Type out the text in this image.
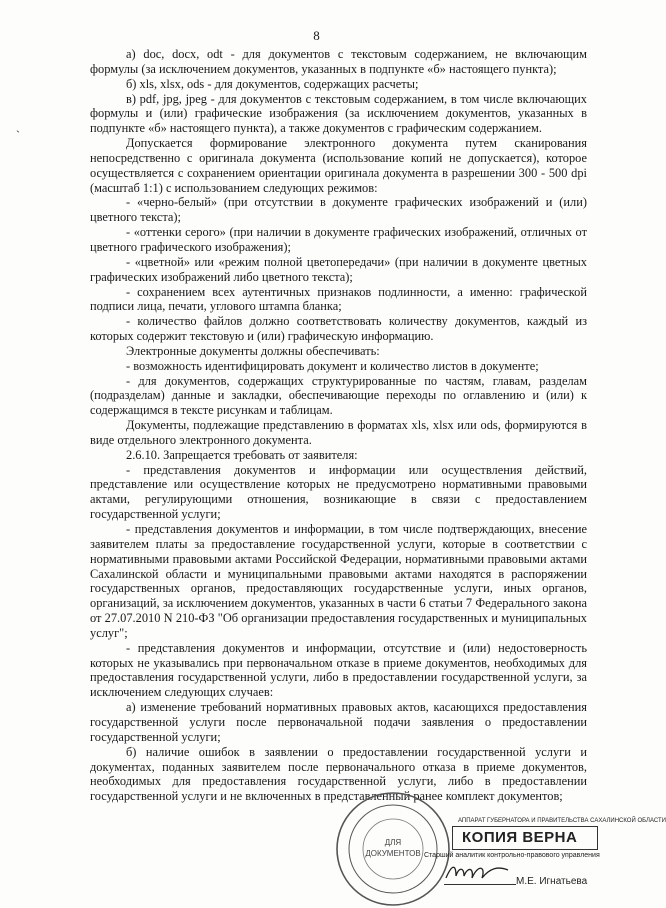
8
`

а) doc, docx, odt - для документов с текстовым содержанием, не включающим формулы (за исключением документов, указанных в подпункте «б» настоящего пункта);

б) xls, xlsx, ods - для документов, содержащих расчеты;

в) pdf, jpg, jpeg - для документов с текстовым содержанием, в том числе включающих формулы и (или) графические изображения (за исключением документов, указанных в подпункте «б» настоящего пункта), а также документов с графическим содержанием.

Допускается формирование электронного документа путем сканирования непосредственно с оригинала документа (использование копий не допускается), которое осуществляется с сохранением ориентации оригинала документа в разрешении 300 - 500 dpi (масштаб 1:1) с использованием следующих режимов:

- «черно-белый» (при отсутствии в документе графических изображений и (или) цветного текста);

- «оттенки серого» (при наличии в документе графических изображений, отличных от цветного графического изображения);

- «цветной» или «режим полной цветопередачи» (при наличии в документе цветных графических изображений либо цветного текста);

- сохранением всех аутентичных признаков подлинности, а именно: графической подписи лица, печати, углового штампа бланка;

- количество файлов должно соответствовать количеству документов, каждый из которых содержит текстовую и (или) графическую информацию.

Электронные документы должны обеспечивать:

- возможность идентифицировать документ и количество листов в документе;

- для документов, содержащих структурированные по частям, главам, разделам (подразделам) данные и закладки, обеспечивающие переходы по оглавлению и (или) к содержащимся в тексте рисункам и таблицам.

Документы, подлежащие представлению в форматах xls, xlsx или ods, формируются в виде отдельного электронного документа.

2.6.10. Запрещается требовать от заявителя:

- представления документов и информации или осуществления действий, представление или осуществление которых не предусмотрено нормативными правовыми актами, регулирующими отношения, возникающие в связи с предоставлением государственной услуги;

- представления документов и информации, в том числе подтверждающих, внесение заявителем платы за предоставление государственной услуги, которые в соответствии с нормативными правовыми актами Российской Федерации, нормативными правовыми актами Сахалинской области и муниципальными правовыми актами находятся в распоряжении государственных органов, предоставляющих государственные услуги, иных органов, организаций, за исключением документов, указанных в части 6 статьи 7 Федерального закона от 27.07.2010 N 210-ФЗ "Об организации предоставления государственных и муниципальных услуг";

- представления документов и информации, отсутствие и (или) недостоверность которых не указывались при первоначальном отказе в приеме документов, необходимых для предоставления государственной услуги, либо в предоставлении государственной услуги, за исключением следующих случаев:

а) изменение требований нормативных правовых актов, касающихся предоставления государственной услуги после первоначальной подачи заявления о предоставлении государственной услуги;

б) наличие ошибок в заявлении о предоставлении государственной услуги и документах, поданных заявителем после первоначального отказа в приеме документов, необходимых для предоставления государственной услуги, либо в предоставлении государственной услуги и не включенных в представленный ранее комплект документов;

ДЛЯ
ДОКУМЕНТОВ
АППАРАТ ГУБЕРНАТОРА И ПРАВИТЕЛЬСТВА САХАЛИНСКОЙ ОБЛАСТИ
КОПИЯ ВЕРНА
Старший аналитик контрольно-правового управления
М.Е. Игнатьева
